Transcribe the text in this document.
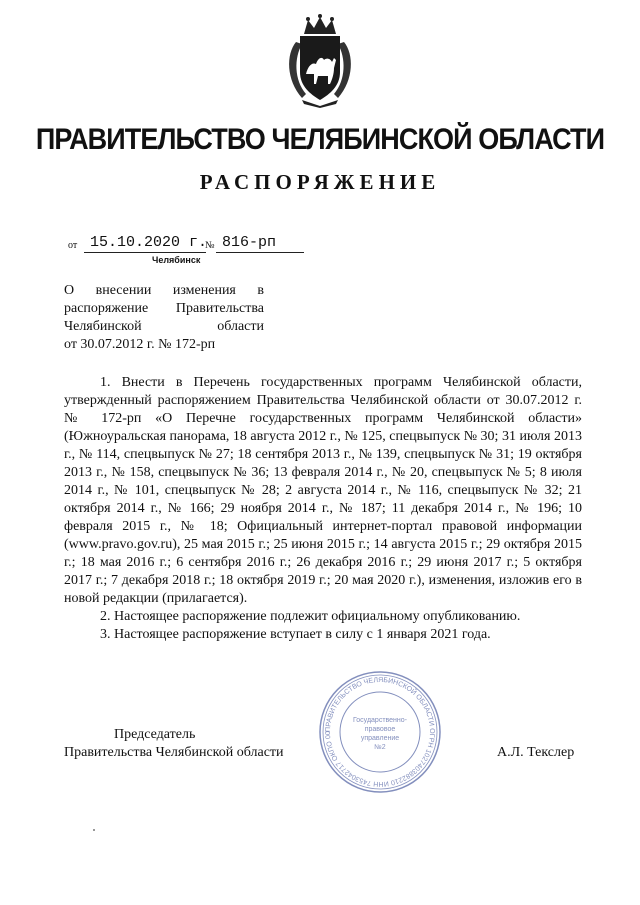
ПРАВИТЕЛЬСТВО ЧЕЛЯБИНСКОЙ ОБЛАСТИ
РАСПОРЯЖЕНИЕ
от 15.10.2020 г.
№ 816-рп
Челябинск
О внесении изменения в
распоряжение Правительства
Челябинской	области
от 30.07.2012 г. № 172-рп

1. Внести в Перечень государственных программ Челябинской области, утвержденный распоряжением Правительства Челябинской области от 30.07.2012 г. № 172-рп «О Перечне государственных программ Челябинской области» (Южноуральская панорама, 18 августа 2012 г., № 125, спецвыпуск № 30; 31 июля 2013 г., № 114, спецвыпуск № 27; 18 сентября 2013 г., № 139, спецвыпуск № 31; 19 октября 2013 г., № 158, спецвыпуск № 36; 13 февраля 2014 г., № 20, спецвыпуск № 5; 8 июля 2014 г., № 101, спецвыпуск № 28; 2 августа 2014 г., № 116, спецвыпуск № 32; 21 октября 2014 г., № 166; 29 ноября 2014 г., № 187; 11 декабря 2014 г., № 196; 10 февраля 2015 г., № 18; Официальный интернет-портал правовой информации (www.pravo.gov.ru), 25 мая 2015 г.; 25 июня 2015 г.; 14 августа 2015 г.; 29 октября 2015 г.; 18 мая 2016 г.; 6 сентября 2016 г.; 26 декабря 2016 г.; 29 июня 2017 г.; 5 октября 2017 г.; 7 декабря 2018 г.; 18 октября 2019 г.; 20 мая 2020 г.), изменения, изложив его в новой редакции (прилагается).

2. Настоящее распоряжение подлежит официальному опубликованию.

3. Настоящее распоряжение вступает в силу с 1 января 2021 года.

Председатель
Правительства Челябинской области	А.Л. Текслер
ПРАВИТЕЛЬСТВО ЧЕЛЯБИНСКОЙ ОБЛАСТИ ОГРН 1027403882210 ИНН 7453042717 ОКПО 00
Государственно-
правовое
управление
№2
